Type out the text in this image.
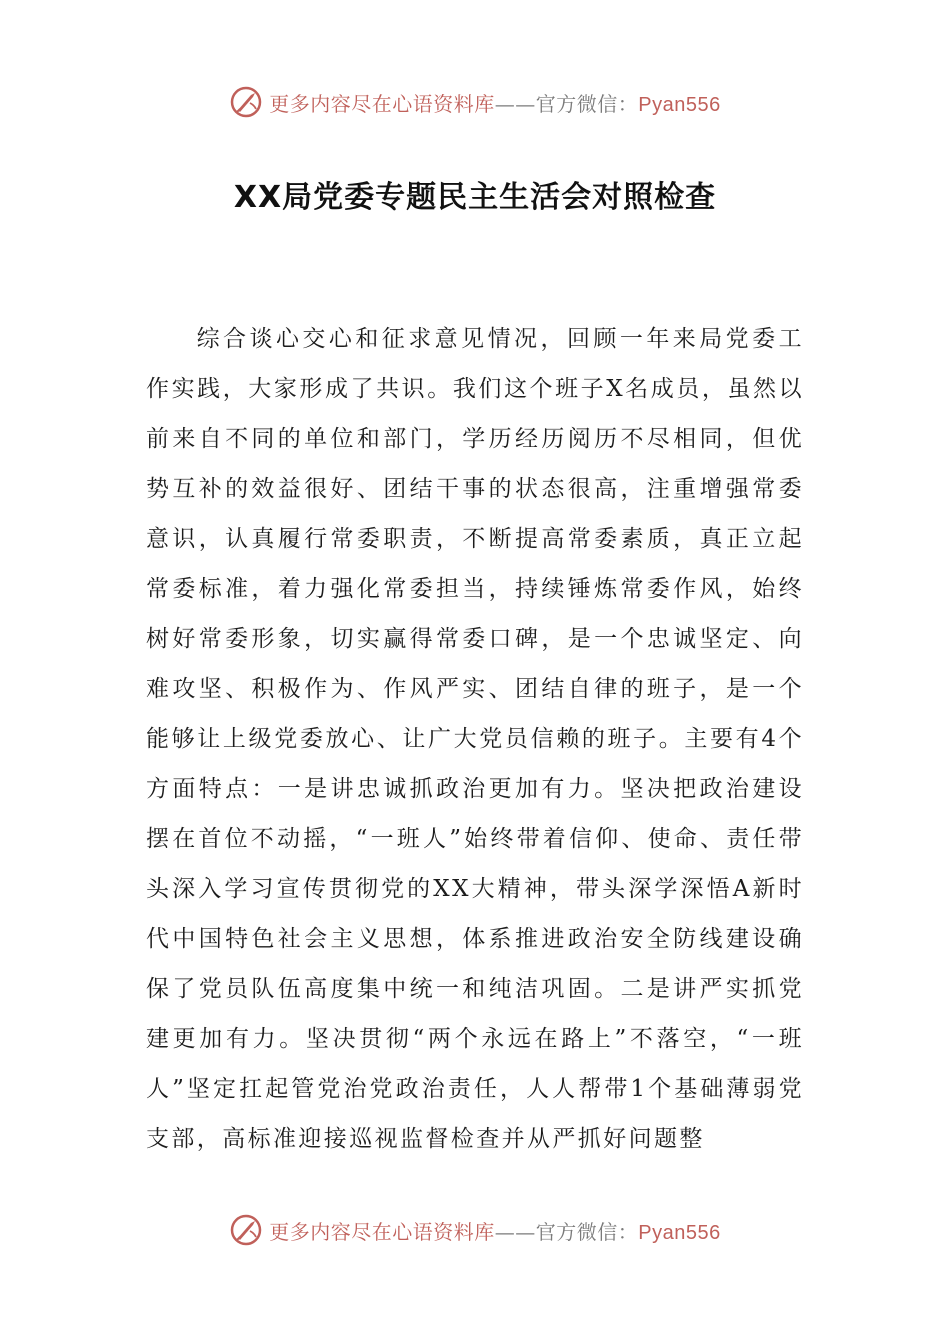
更多内容尽在心语资料库——官方微信：Pyan556
XX局党委专题民主生活会对照检查
综合谈心交心和征求意见情况，回顾一年来局党委工作实践，大家形成了共识。我们这个班子X名成员，虽然以前来自不同的单位和部门，学历经历阅历不尽相同，但优势互补的效益很好、团结干事的状态很高，注重增强常委意识，认真履行常委职责，不断提高常委素质，真正立起常委标准，着力强化常委担当，持续锤炼常委作风，始终树好常委形象，切实赢得常委口碑，是一个忠诚坚定、向难攻坚、积极作为、作风严实、团结自律的班子，是一个能够让上级党委放心、让广大党员信赖的班子。主要有4个方面特点：一是讲忠诚抓政治更加有力。坚决把政治建设摆在首位不动摇，“一班人”始终带着信仰、使命、责任带头深入学习宣传贯彻党的XX大精神，带头深学深悟A新时代中国特色社会主义思想，体系推进政治安全防线建设确保了党员队伍高度集中统一和纯洁巩固。二是讲严实抓党建更加有力。坚决贯彻“两个永远在路上”不落空，“一班人”坚定扛起管党治党政治责任，人人帮带1个基础薄弱党支部，高标准迎接巡视监督检查并从严抓好问题整
更多内容尽在心语资料库——官方微信：Pyan556
